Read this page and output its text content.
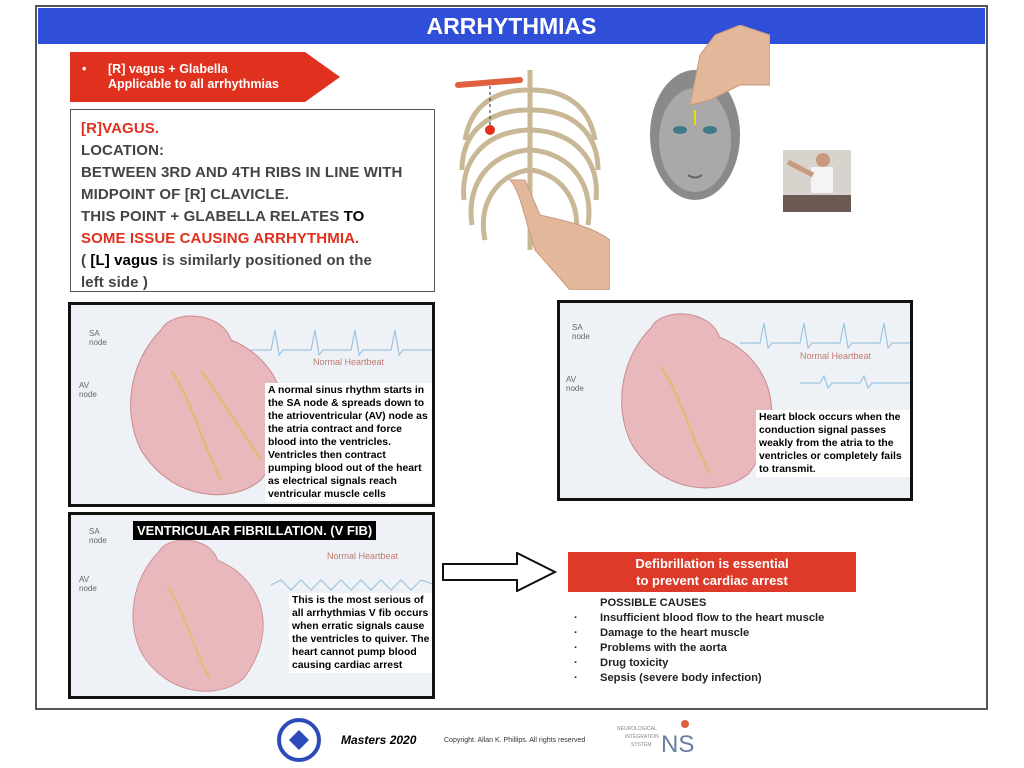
ARRHYTHMIAS
• [R] vagus + Glabella
Applicable to all arrhythmias
[R]VAGUS.
LOCATION:
BETWEEN 3RD AND 4TH RIBS IN LINE WITH
MIDPOINT OF [R] CLAVICLE.
THIS POINT + GLABELLA RELATES TO
SOME ISSUE CAUSING ARRHYTHMIA.
( [L] vagus is similarly positioned on the
left side )
SA
node
AV
node
Normal Heartbeat
A normal sinus rhythm starts in the SA node & spreads down to the atrioventricular (AV) node as the atria contract and force blood into the ventricles. Ventricles then contract pumping blood out of the heart as electrical signals reach ventricular muscle cells
SA
node
AV
node
Normal Heartbeat
Heart block occurs when the conduction signal passes weakly from the atria to the ventricles or completely fails to transmit.
SA
node
AV
node
Normal Heartbeat
VENTRICULAR FIBRILLATION. (V FIB)
This is the most serious of all arrhythmias V fib occurs when erratic signals cause the ventricles to quiver. The heart cannot pump blood causing cardiac arrest
Defibrillation is essential
to prevent cardiac arrest
POSSIBLE CAUSES
·	Insufficient blood flow to the heart muscle
·	Damage to the heart muscle
·	Problems with the aorta
·	Drug toxicity
·	Sepsis (severe body infection)
Masters 2020	Copyright. Allan K. Phillips. All rights reserved
NEUROLOGICAL
INTEGRATION
SYSTEM NS
